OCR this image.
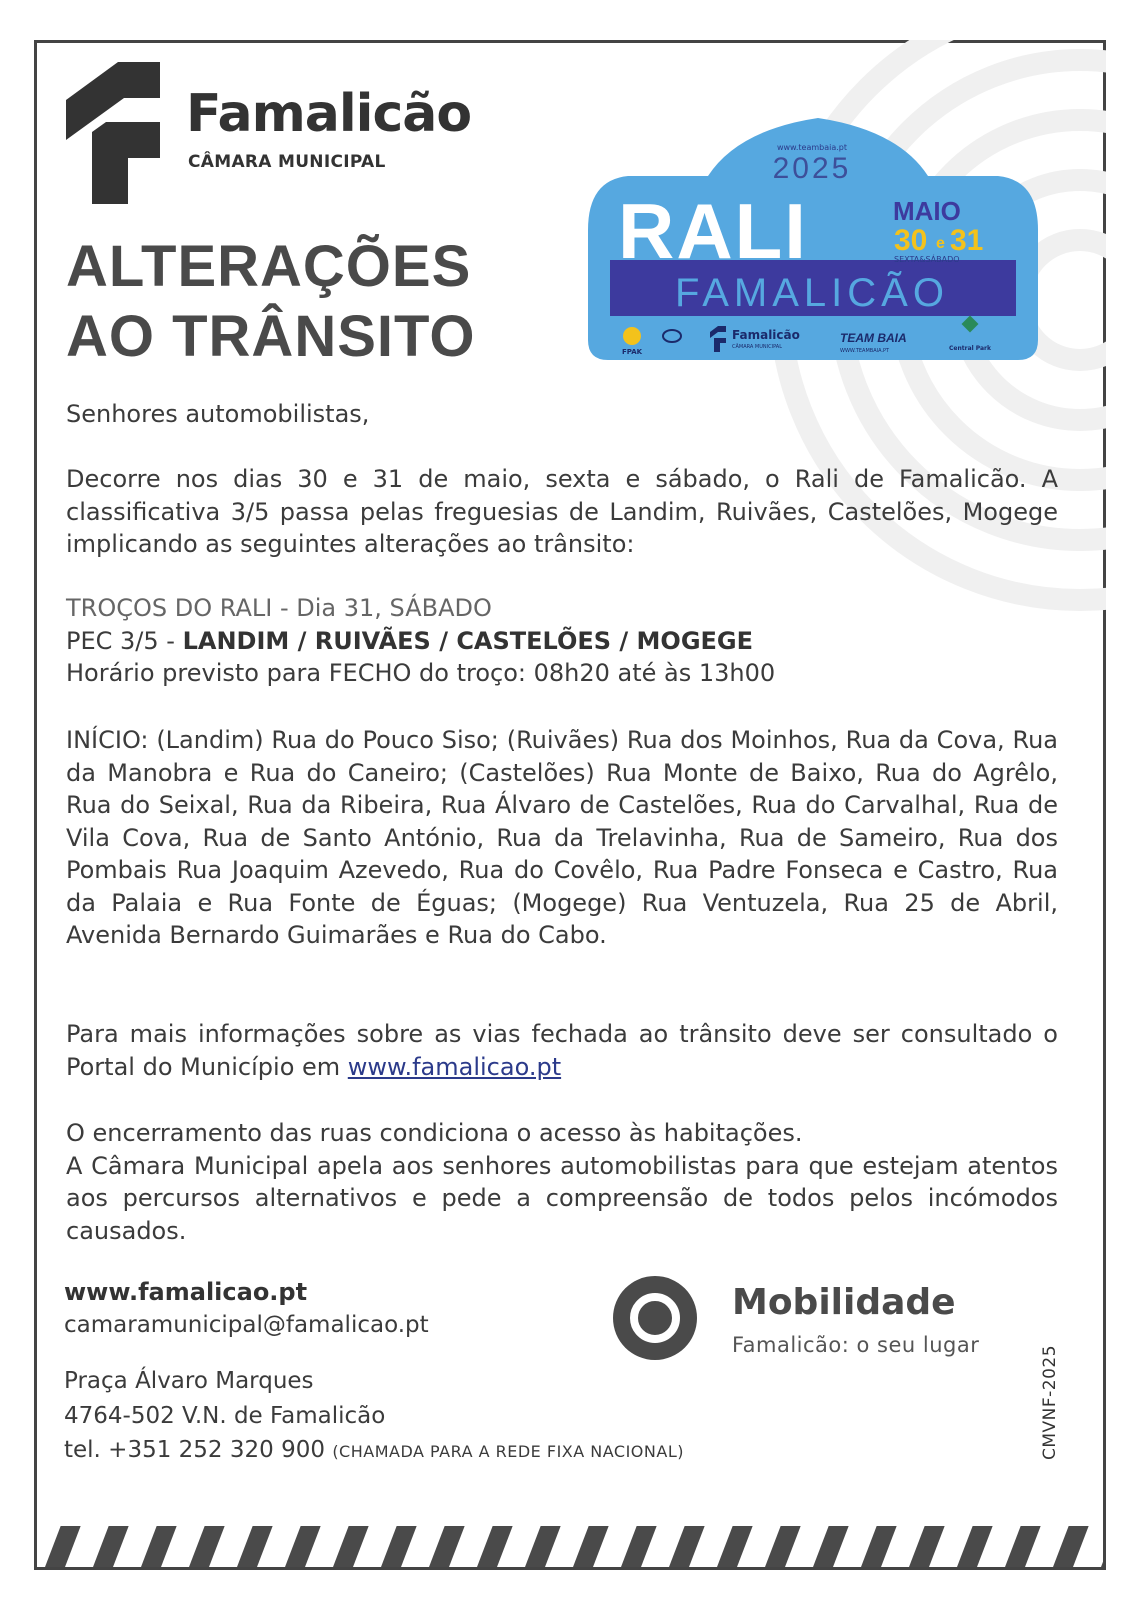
Famalicão
CÂMARA MUNICIPAL
ALTERAÇÕES
AO TRÂNSITO
www.teambaia.pt
2025
RALI	MAIO
30 e 31
SEXTA&SÁBADO
FAMALICÃO
FPAK
Famalicão
CÂMARA MUNICIPAL
TEAM BAIA
WWW.TEAMBAIA.PT	Central Park

Senhores automobilistas,

Decorre nos dias 30 e 31 de maio, sexta e sábado, o Rali de Famalicão. A classificativa 3/5 passa pelas freguesias de Landim, Ruivães, Castelões, Mogege implicando as seguintes alterações ao trânsito:

TROÇOS DO RALI - Dia 31, SÁBADO

PEC 3/5 - LANDIM / RUIVÃES / CASTELÕES / MOGEGE

Horário previsto para FECHO do troço: 08h20 até às 13h00

INÍCIO: (Landim) Rua do Pouco Siso; (Ruivães) Rua dos Moinhos, Rua da Cova, Rua da Manobra e Rua do Caneiro; (Castelões) Rua Monte de Baixo, Rua do Agrêlo, Rua do Seixal, Rua da Ribeira, Rua Álvaro de Castelões, Rua do Carvalhal, Rua de Vila Cova, Rua de Santo António, Rua da Trelavinha, Rua de Sameiro, Rua dos Pombais Rua Joaquim Azevedo, Rua do Covêlo, Rua Padre Fonseca e Castro, Rua da Palaia e Rua Fonte de Éguas; (Mogege) Rua Ventuzela, Rua 25 de Abril, Avenida Bernardo Guimarães e Rua do Cabo.

Para mais informações sobre as vias fechada ao trânsito deve ser consultado o Portal do Município em www.famalicao.pt

O encerramento das ruas condiciona o acesso às habitações.

A Câmara Municipal apela aos senhores automobilistas para que estejam atentos aos percursos alternativos e pede a compreensão de todos pelos incómodos causados.

www.famalicao.pt
camaramunicipal@famalicao.pt
Praça Álvaro Marques
4764-502 V.N. de Famalicão
tel. +351 252 320 900 (CHAMADA PARA A REDE FIXA NACIONAL)
Mobilidade
Famalicão: o seu lugar	CMVNF-2025
